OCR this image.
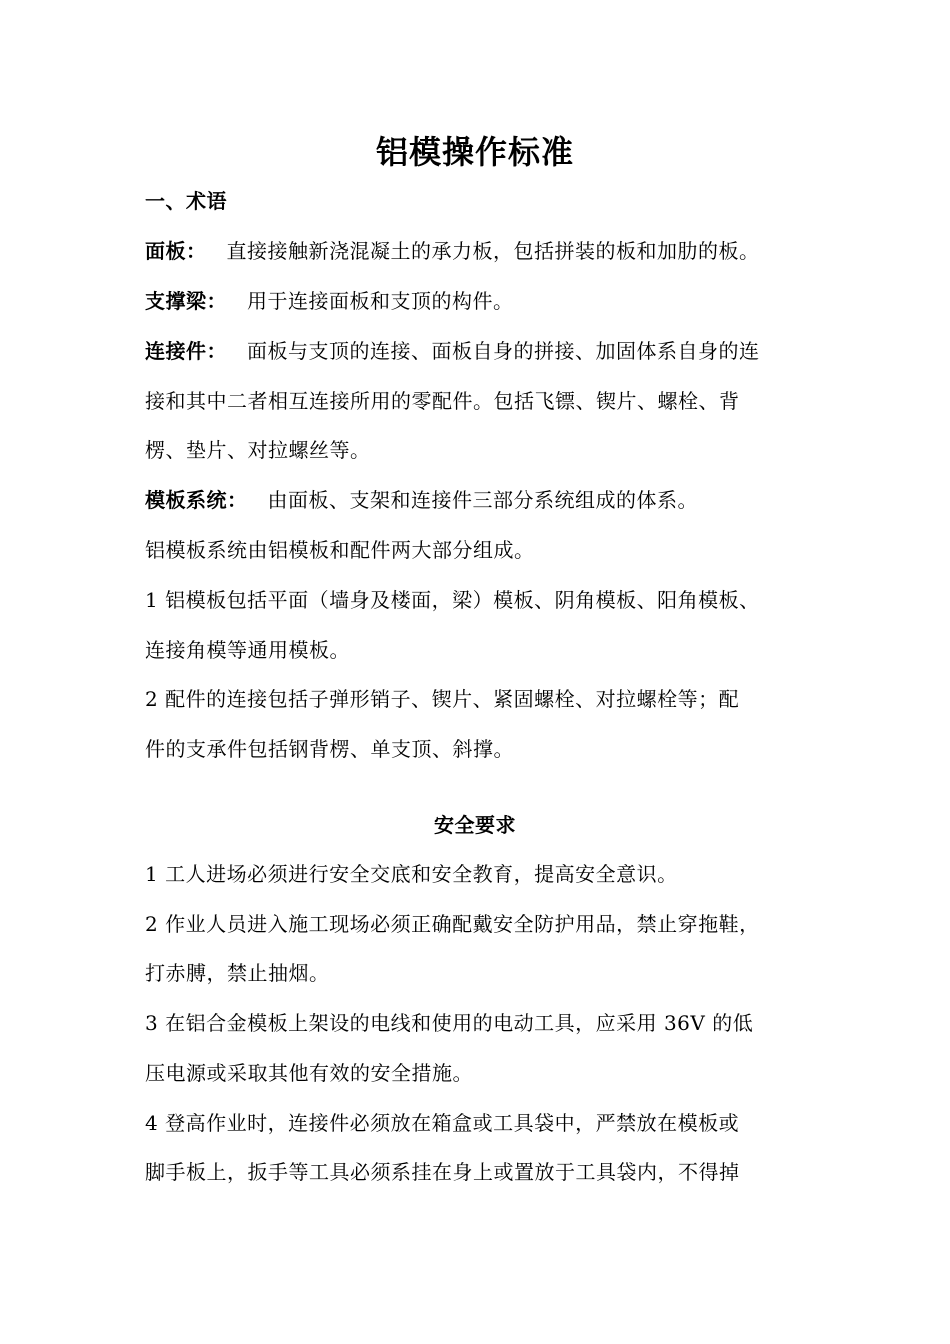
铝模操作标准
一、术语
面板： 直接接触新浇混凝土的承力板，包括拼装的板和加肋的板。
支撑梁： 用于连接面板和支顶的构件。
连接件： 面板与支顶的连接、面板自身的拼接、加固体系自身的连
接和其中二者相互连接所用的零配件。包括飞镖、锲片、螺栓、背
楞、垫片、对拉螺丝等。
模板系统： 由面板、支架和连接件三部分系统组成的体系。
铝模板系统由铝模板和配件两大部分组成。
1 铝模板包括平面（墙身及楼面，梁）模板、阴角模板、阳角模板、
连接角模等通用模板。
2 配件的连接包括子弹形销子、锲片、紧固螺栓、对拉螺栓等；配
件的支承件包括钢背楞、单支顶、斜撑。
安全要求
1 工人进场必须进行安全交底和安全教育，提高安全意识。
2 作业人员进入施工现场必须正确配戴安全防护用品，禁止穿拖鞋，
打赤膊，禁止抽烟。
3 在铝合金模板上架设的电线和使用的电动工具，应采用 36V 的低
压电源或采取其他有效的安全措施。
4 登高作业时，连接件必须放在箱盒或工具袋中，严禁放在模板或
脚手板上，扳手等工具必须系挂在身上或置放于工具袋内，不得掉
